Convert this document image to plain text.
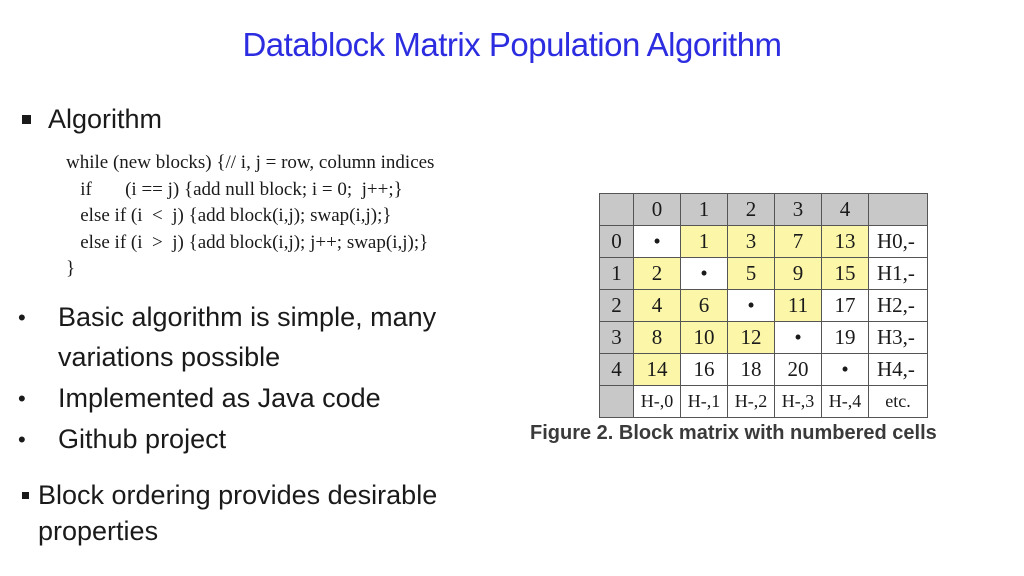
Datablock Matrix Population Algorithm
Algorithm
while (new blocks) {// i, j = row, column indices
if       (i == j) {add null block; i = 0;  j++;}
else if (i  <  j) {add block(i,j); swap(i,j);}
else if (i  >  j) {add block(i,j); j++; swap(i,j);}
}
• Basic algorithm is simple, many
variations possible
• Implemented as Java code
• Github project
Block ordering provides desirable
properties
	0	1	2	3	4	
0	•	1	3	7	13	H0,-
1	2	•	5	9	15	H1,-
2	4	6	•	11	17	H2,-
3	8	10	12	•	19	H3,-
4	14	16	18	20	•	H4,-
	H-,0	H-,1	H-,2	H-,3	H-,4	etc.
Figure 2. Block matrix with numbered cells
